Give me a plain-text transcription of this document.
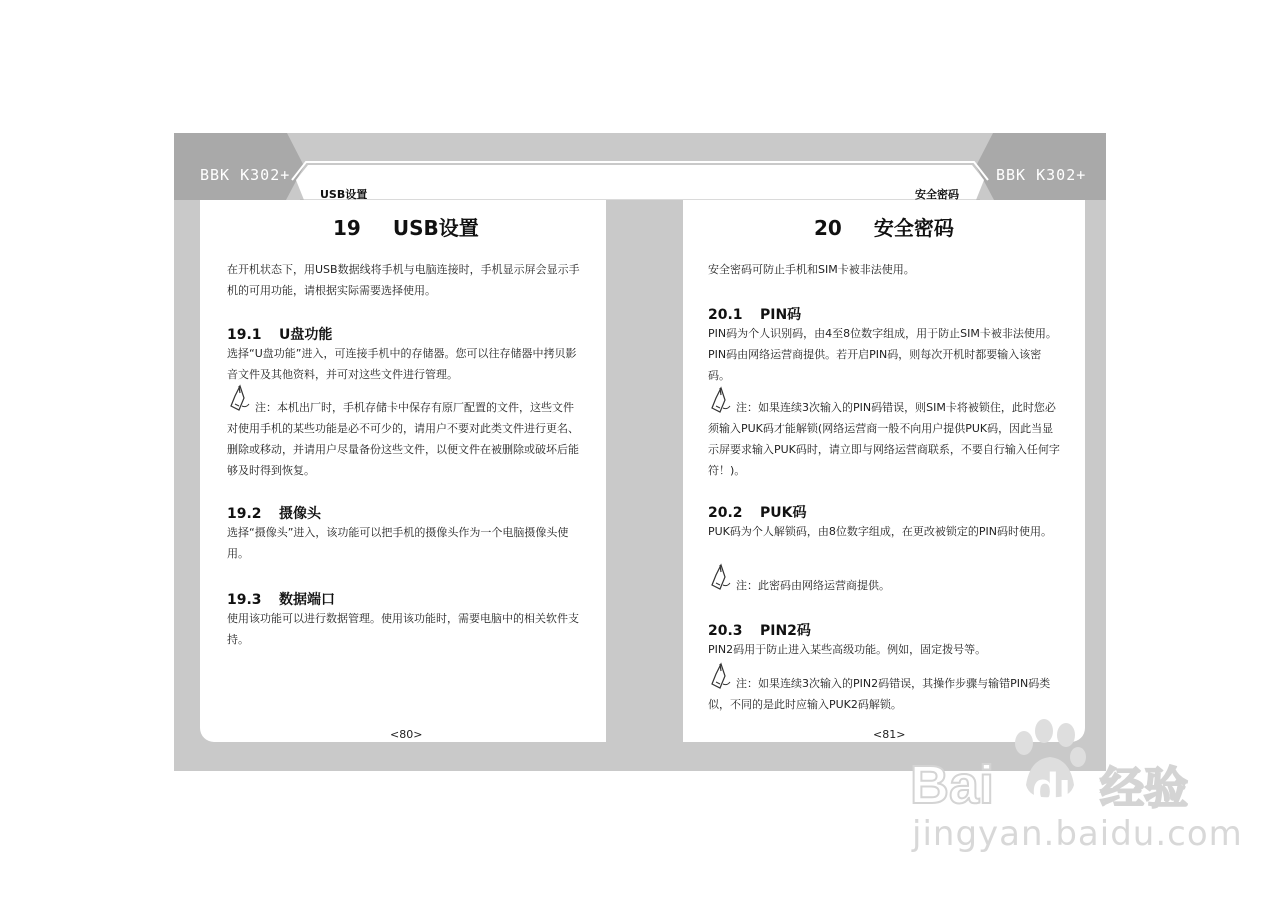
BBK K302+	BBK K302+
USB设置	安全密码
19 USB设置
在开机状态下，用USB数据线将手机与电脑连接时，手机显示屏会显示手机的可用功能，请根据实际需要选择使用。
19.1 U盘功能
选择“U盘功能”进入，可连接手机中的存储器。您可以往存储器中拷贝影音文件及其他资料，并可对这些文件进行管理。
注：本机出厂时，手机存储卡中保存有原厂配置的文件，这些文件对使用手机的某些功能是必不可少的，请用户不要对此类文件进行更名、删除或移动，并请用户尽量备份这些文件，以便文件在被删除或破坏后能够及时得到恢复。
19.2 摄像头
选择“摄像头”进入，该功能可以把手机的摄像头作为一个电脑摄像头使用。
19.3 数据端口
使用该功能可以进行数据管理。使用该功能时，需要电脑中的相关软件支持。
<80>
20 安全密码
安全密码可防止手机和SIM卡被非法使用。
20.1 PIN码
PIN码为个人识别码，由4至8位数字组成，用于防止SIM卡被非法使用。PIN码由网络运营商提供。若开启PIN码，则每次开机时都要输入该密码。
注：如果连续3次输入的PIN码错误，则SIM卡将被锁住，此时您必须输入PUK码才能解锁(网络运营商一般不向用户提供PUK码，因此当显示屏要求输入PUK码时，请立即与网络运营商联系，不要自行输入任何字符！)。
20.2 PUK码
PUK码为个人解锁码，由8位数字组成，在更改被锁定的PIN码时使用。
注：此密码由网络运营商提供。
20.3 PIN2码
PIN2码用于防止进入某些高级功能。例如，固定拨号等。
注：如果连续3次输入的PIN2码错误，其操作步骤与输错PIN码类似，不同的是此时应输入PUK2码解锁。
<81>
Bai du 经验
jingyan.baidu.com
